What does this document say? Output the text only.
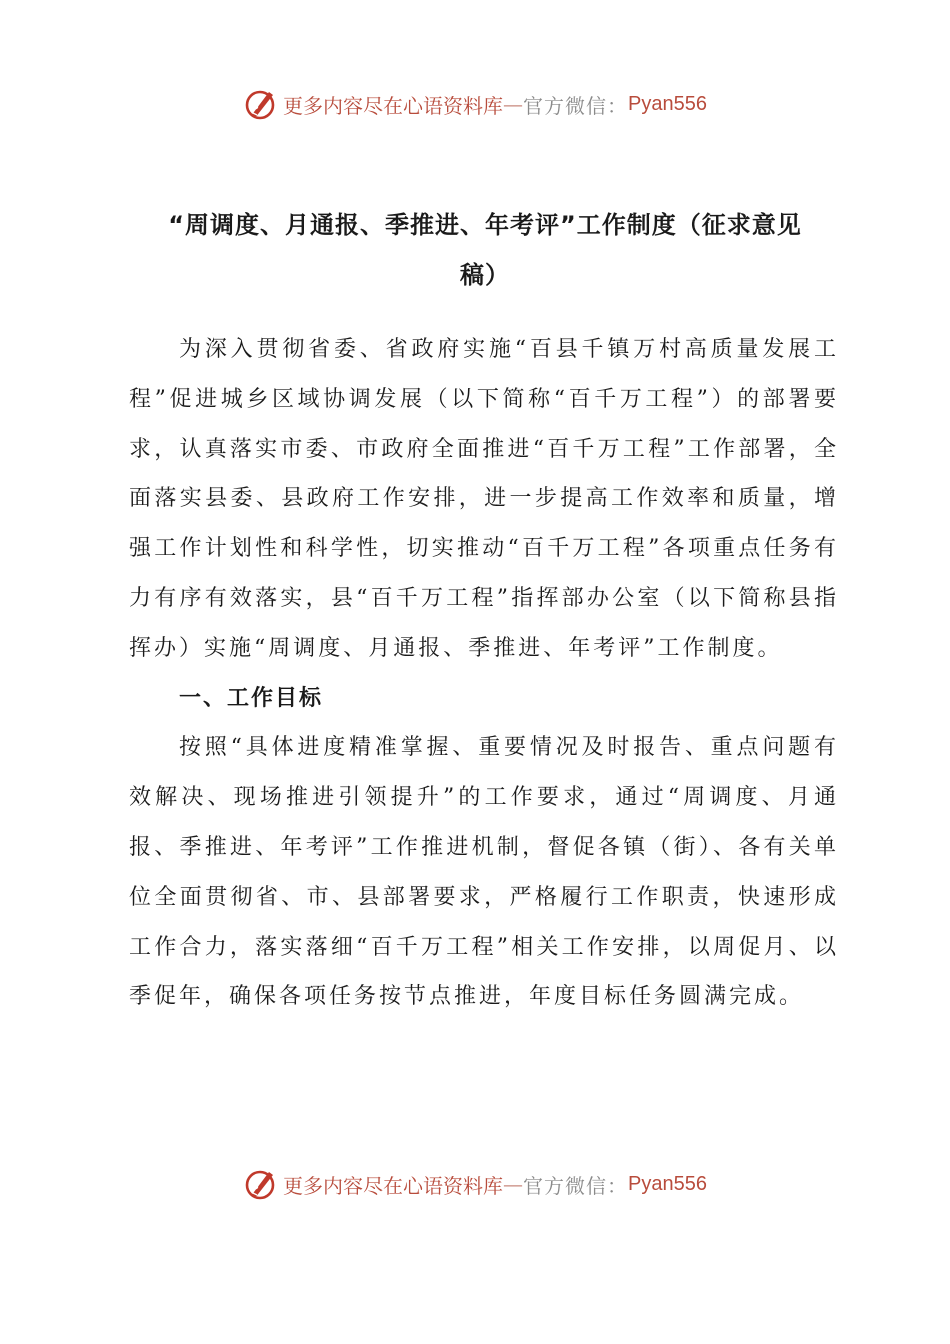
更多内容尽在心语资料库 — 官方微信： Pyan556
“周调度、月通报、季推进、年考评”工作制度（征求意见稿）

为深入贯彻省委、省政府实施“百县千镇万村高质量发展工程”促进城乡区域协调发展（以下简称“百千万工程”）的部署要求，认真落实市委、市政府全面推进“百千万工程”工作部署，全面落实县委、县政府工作安排，进一步提高工作效率和质量，增强工作计划性和科学性，切实推动“百千万工程”各项重点任务有力有序有效落实，县“百千万工程”指挥部办公室（以下简称县指挥办）实施“周调度、月通报、季推进、年考评”工作制度。

一、工作目标

按照“具体进度精准掌握、重要情况及时报告、重点问题有效解决、现场推进引领提升”的工作要求，通过“周调度、月通报、季推进、年考评”工作推进机制，督促各镇（街）、各有关单位全面贯彻省、市、县部署要求，严格履行工作职责，快速形成工作合力，落实落细“百千万工程”相关工作安排，以周促月、以季促年，确保各项任务按节点推进，年度目标任务圆满完成。

更多内容尽在心语资料库 — 官方微信： Pyan556
